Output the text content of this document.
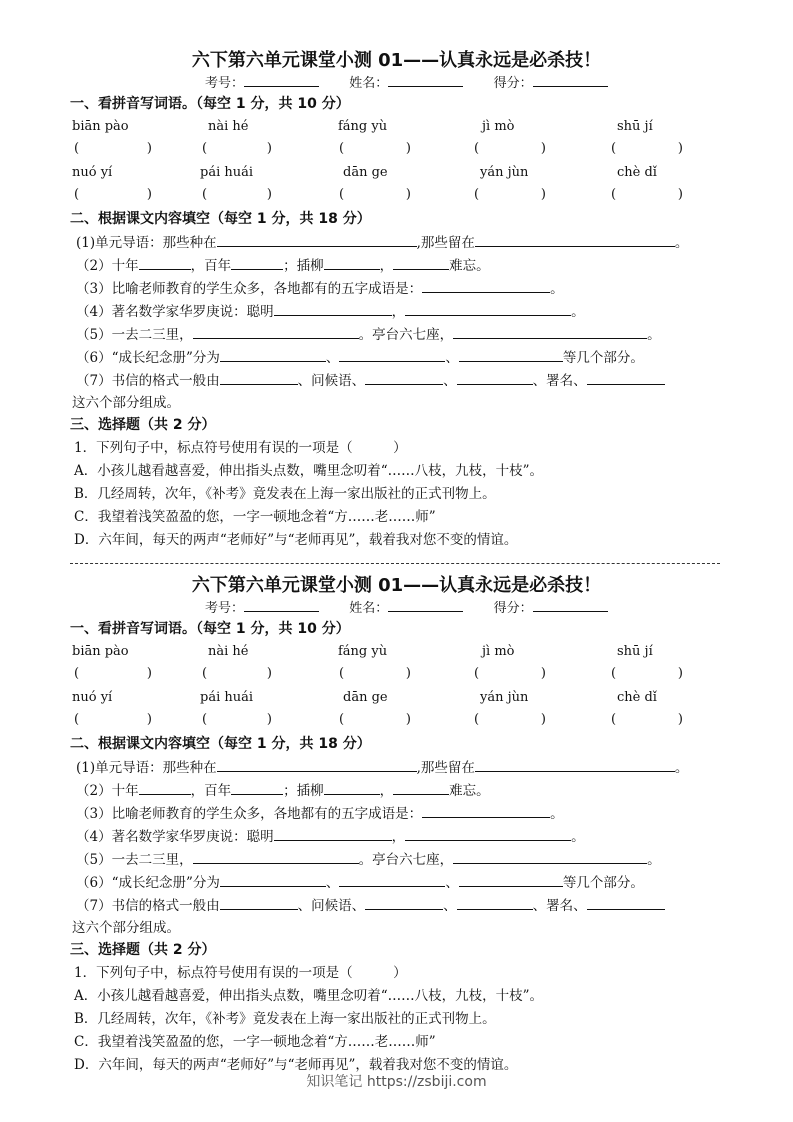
六下第六单元课堂小测 01——认真永远是必杀技！
考号：	姓名：	得分：
一、看拼音写词语。（每空 1 分，共 10 分）
biān pào	nài hé	fáng yù	jì mò	shū jí
(	)	(	)	(	)	(	)	(	)
nuó yí	pái huái	dān ge	yán jùn	chè dǐ
(	)	(	)	(	)	(	)	(	)
二、根据课文内容填空（每空 1 分，共 18 分）
(1)单元导语：那些种在	,那些留在	。
（2）十年	，百年	；插柳	，	难忘。
（3）比喻老师教育的学生众多，各地都有的五字成语是：	。
（4）著名数学家华罗庚说：聪明	，	。
（5）一去二三里，	。亭台六七座，	。
（6）“成长纪念册”分为	、	、	等几个部分。
（7）书信的格式一般由	、问候语、	、	、署名、
这六个部分组成。
三、选择题（共 2 分）
1．下列句子中，标点符号使用有误的一项是（　　　）
A．小孩儿越看越喜爱，伸出指头点数，嘴里念叨着“……八枝，九枝，十枝”。
B．几经周转，次年，《补考》竟发表在上海一家出版社的正式刊物上。
C．我望着浅笑盈盈的您，一字一顿地念着“方……老……师”
D．六年间，每天的两声“老师好”与“老师再见”，载着我对您不变的情谊。
六下第六单元课堂小测 01——认真永远是必杀技！
考号：	姓名：	得分：
一、看拼音写词语。（每空 1 分，共 10 分）
biān pào	nài hé	fáng yù	jì mò	shū jí
(	)	(	)	(	)	(	)	(	)
nuó yí	pái huái	dān ge	yán jùn	chè dǐ
(	)	(	)	(	)	(	)	(	)
二、根据课文内容填空（每空 1 分，共 18 分）
(1)单元导语：那些种在	,那些留在	。
（2）十年	，百年	；插柳	，	难忘。
（3）比喻老师教育的学生众多，各地都有的五字成语是：	。
（4）著名数学家华罗庚说：聪明	，	。
（5）一去二三里，	。亭台六七座，	。
（6）“成长纪念册”分为	、	、	等几个部分。
（7）书信的格式一般由	、问候语、	、	、署名、
这六个部分组成。
三、选择题（共 2 分）
1．下列句子中，标点符号使用有误的一项是（　　　）
A．小孩儿越看越喜爱，伸出指头点数，嘴里念叨着“……八枝，九枝，十枝”。
B．几经周转，次年，《补考》竟发表在上海一家出版社的正式刊物上。
C．我望着浅笑盈盈的您，一字一顿地念着“方……老……师”
D．六年间，每天的两声“老师好”与“老师再见”，载着我对您不变的情谊。
知识笔记 https://zsbiji.com
